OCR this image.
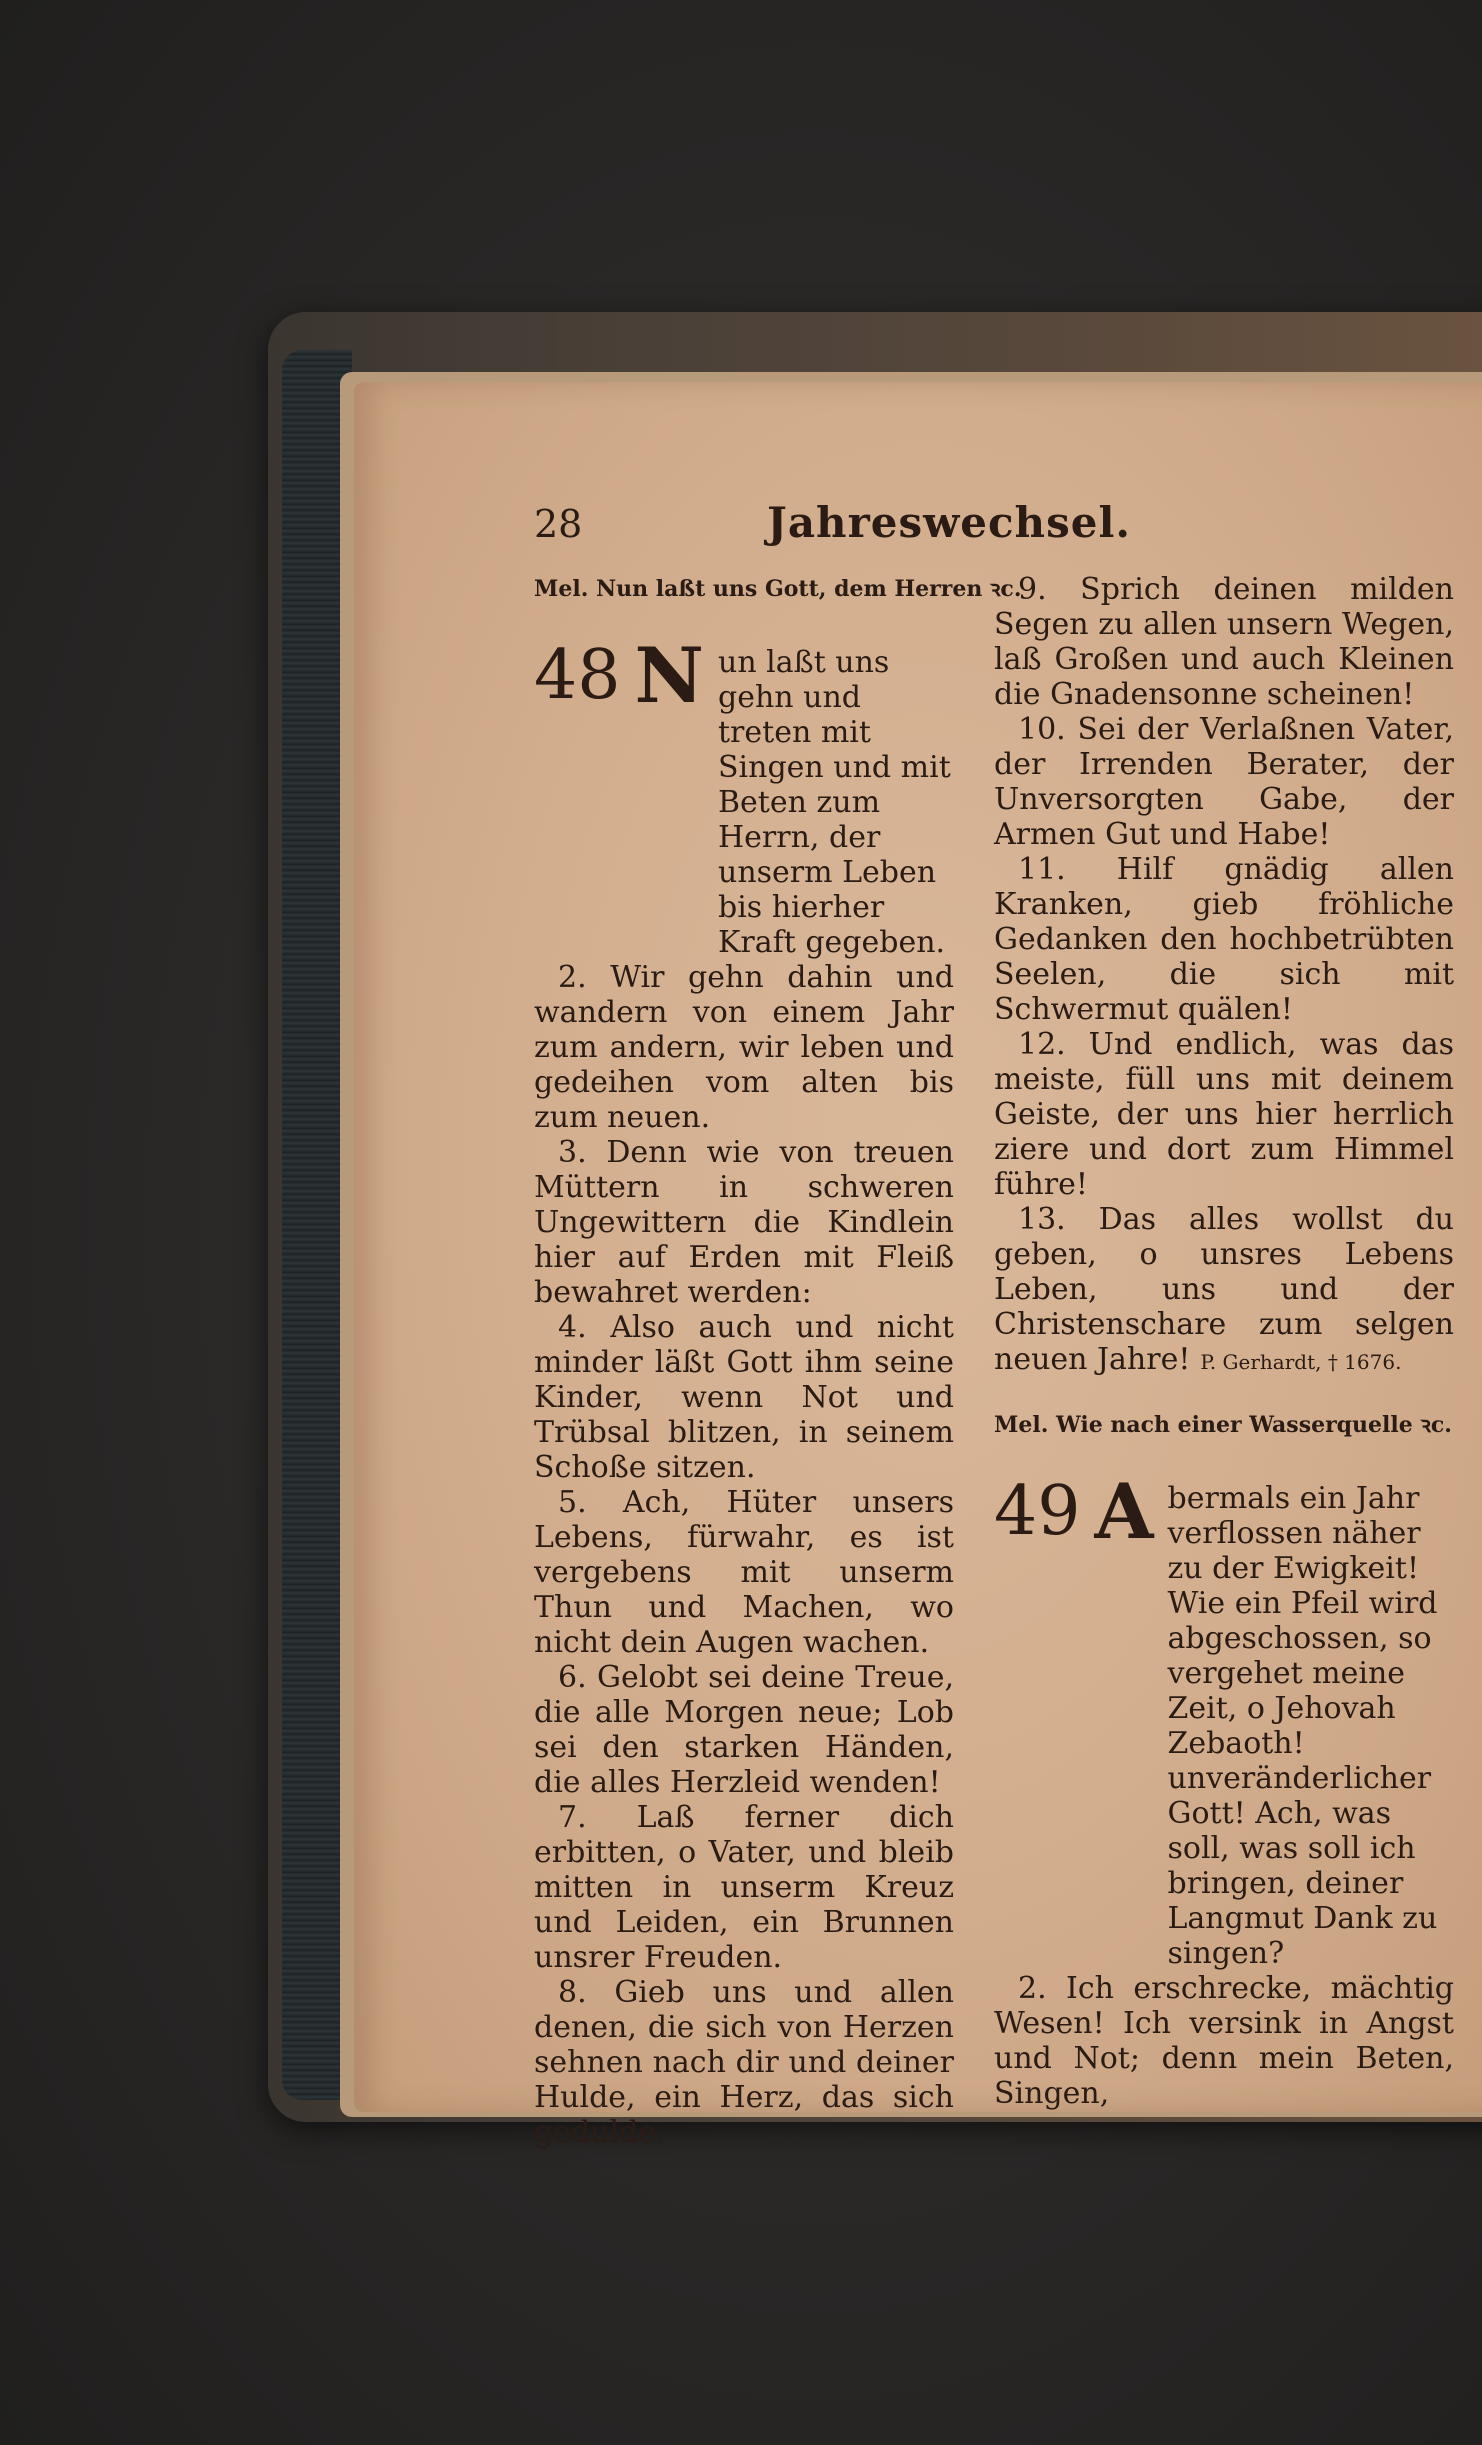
28	Jahreswechsel.
Mel. Nun laßt uns Gott, dem Herren ꝛc.
48 N un laßt uns gehn und treten mit Singen und mit Beten zum Herrn, der unserm Leben bis hierher Kraft gegeben.

2. Wir gehn dahin und wandern von einem Jahr zum andern, wir leben und gedeihen vom alten bis zum neuen.

3. Denn wie von treuen Müttern in schweren Ungewittern die Kindlein hier auf Erden mit Fleiß bewahret werden:

4. Also auch und nicht minder läßt Gott ihm seine Kinder, wenn Not und Trübsal blitzen, in seinem Schoße sitzen.

5. Ach, Hüter unsers Lebens, fürwahr, es ist vergebens mit unserm Thun und Machen, wo nicht dein Augen wachen.

6. Gelobt sei deine Treue, die alle Morgen neue; Lob sei den starken Händen, die alles Herzleid wenden!

7. Laß ferner dich erbitten, o Vater, und bleib mitten in unserm Kreuz und Leiden, ein Brunnen unsrer Freuden.

8. Gieb uns und allen denen, die sich von Herzen sehnen nach dir und deiner Hulde, ein Herz, das sich gedulde.

9. Sprich deinen milden Segen zu allen unsern Wegen, laß Großen und auch Kleinen die Gnadensonne scheinen!

10. Sei der Verlaßnen Vater, der Irrenden Berater, der Unversorgten Gabe, der Armen Gut und Habe!

11. Hilf gnädig allen Kranken, gieb fröhliche Gedanken den hochbetrübten Seelen, die sich mit Schwermut quälen!

12. Und endlich, was das meiste, füll uns mit deinem Geiste, der uns hier herrlich ziere und dort zum Himmel führe!

13. Das alles wollst du geben, o unsres Lebens Leben, uns und der Christenschare zum selgen neuen Jahre! P. Gerhardt, † 1676.

Mel. Wie nach einer Wasserquelle ꝛc.
49 A bermals ein Jahr verflossen näher zu der Ewigkeit! Wie ein Pfeil wird abgeschossen, so vergehet meine Zeit, o Jehovah Zebaoth! unveränderlicher Gott! Ach, was soll, was soll ich bringen, deiner Langmut Dank zu singen?

2. Ich erschrecke, mächtig Wesen! Ich versink in Angst und Not; denn mein Beten, Singen,
